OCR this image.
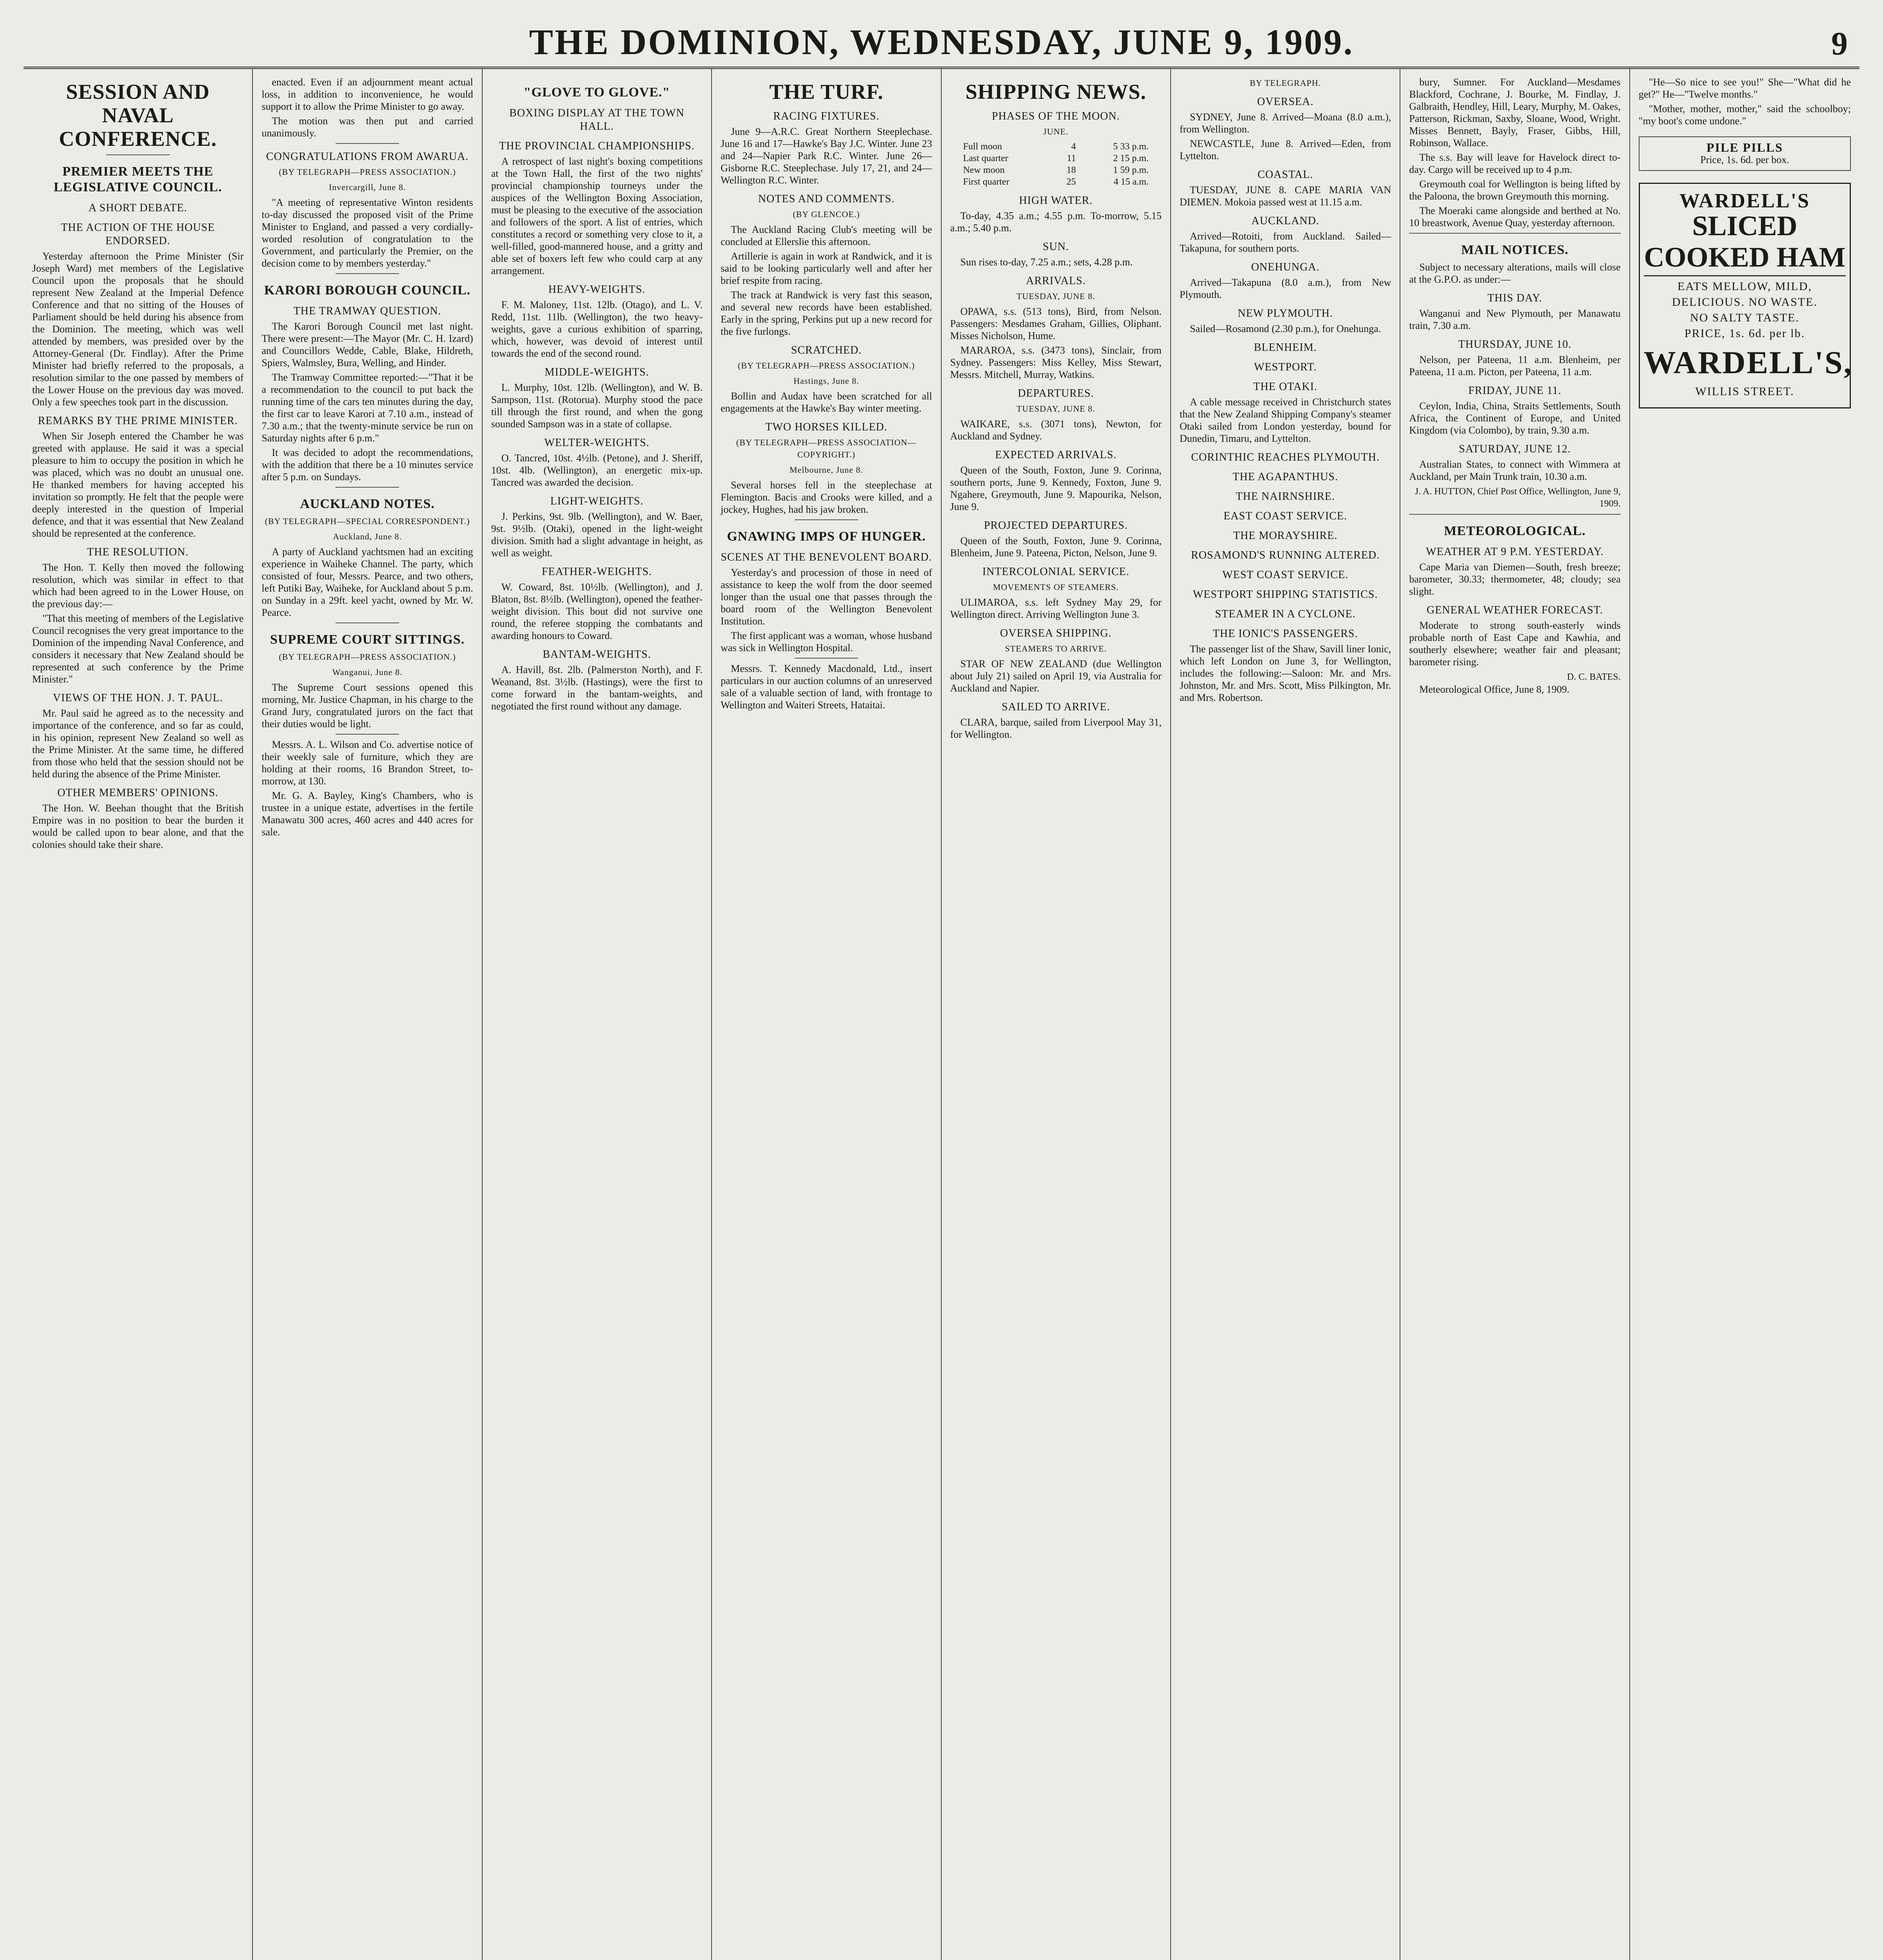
THE DOMINION, WEDNESDAY, JUNE 9, 1909.	9
SESSION AND NAVAL CONFERENCE.
PREMIER MEETS THE LEGISLATIVE COUNCIL.
A SHORT DEBATE.
THE ACTION OF THE HOUSE ENDORSED.

Yesterday afternoon the Prime Minister (Sir Joseph Ward) met members of the Legislative Council upon the proposals that he should represent New Zealand at the Imperial Defence Conference and that no sitting of the Houses of Parliament should be held during his absence from the Dominion. The meeting, which was well attended by members, was presided over by the Attorney-General (Dr. Findlay). After the Prime Minister had briefly referred to the proposals, a resolution similar to the one passed by members of the Lower House on the previous day was moved. Only a few speeches took part in the discussion.

REMARKS BY THE PRIME MINISTER.

When Sir Joseph entered the Chamber he was greeted with applause. He said it was a special pleasure to him to occupy the position in which he was placed, which was no doubt an unusual one. He thanked members for having accepted his invitation so promptly. He felt that the people were deeply interested in the question of Imperial defence, and that it was essential that New Zealand should be represented at the conference.

THE RESOLUTION.

The Hon. T. Kelly then moved the following resolution, which was similar in effect to that which had been agreed to in the Lower House, on the previous day:—

"That this meeting of members of the Legislative Council recognises the very great importance to the Dominion of the impending Naval Conference, and considers it necessary that New Zealand should be represented at such conference by the Prime Minister."

VIEWS OF THE HON. J. T. PAUL.

Mr. Paul said he agreed as to the necessity and importance of the conference, and so far as could, in his opinion, represent New Zealand so well as the Prime Minister. At the same time, he differed from those who held that the session should not be held during the absence of the Prime Minister.

OTHER MEMBERS' OPINIONS.

The Hon. W. Beehan thought that the British Empire was in no position to bear the burden it would be called upon to bear alone, and that the colonies should take their share.

enacted. Even if an adjournment meant actual loss, in addition to inconvenience, he would support it to allow the Prime Minister to go away.

The motion was then put and carried unanimously.

CONGRATULATIONS FROM AWARUA.
(BY TELEGRAPH—PRESS ASSOCIATION.)
Invercargill, June 8.

"A meeting of representative Winton residents to-day discussed the proposed visit of the Prime Minister to England, and passed a very cordially-worded resolution of congratulation to the Government, and particularly the Premier, on the decision come to by members yesterday."

KARORI BOROUGH COUNCIL.
THE TRAMWAY QUESTION.

The Karori Borough Council met last night. There were present:—The Mayor (Mr. C. H. Izard) and Councillors Wedde, Cable, Blake, Hildreth, Spiers, Walmsley, Bura, Welling, and Hinder.

The Tramway Committee reported:—"That it be a recommendation to the council to put back the running time of the cars ten minutes during the day, the first car to leave Karori at 7.10 a.m., instead of 7.30 a.m.; that the twenty-minute service be run on Saturday nights after 6 p.m."

It was decided to adopt the recommendations, with the addition that there be a 10 minutes service after 5 p.m. on Sundays.

AUCKLAND NOTES.
(BY TELEGRAPH—SPECIAL CORRESPONDENT.)
Auckland, June 8.

A party of Auckland yachtsmen had an exciting experience in Waiheke Channel. The party, which consisted of four, Messrs. Pearce, and two others, left Putiki Bay, Waiheke, for Auckland about 5 p.m. on Sunday in a 29ft. keel yacht, owned by Mr. W. Pearce.

SUPREME COURT SITTINGS.
(BY TELEGRAPH—PRESS ASSOCIATION.)
Wanganui, June 8.

The Supreme Court sessions opened this morning, Mr. Justice Chapman, in his charge to the Grand Jury, congratulated jurors on the fact that their duties would be light.

Messrs. A. L. Wilson and Co. advertise notice of their weekly sale of furniture, which they are holding at their rooms, 16 Brandon Street, to-morrow, at 130.

Mr. G. A. Bayley, King's Chambers, who is trustee in a unique estate, advertises in the fertile Manawatu 300 acres, 460 acres and 440 acres for sale.

"GLOVE TO GLOVE."
BOXING DISPLAY AT THE TOWN HALL.
THE PROVINCIAL CHAMPIONSHIPS.

A retrospect of last night's boxing competitions at the Town Hall, the first of the two nights' provincial championship tourneys under the auspices of the Wellington Boxing Association, must be pleasing to the executive of the association and followers of the sport. A list of entries, which constitutes a record or something very close to it, a well-filled, good-mannered house, and a gritty and able set of boxers left few who could carp at any arrangement.

HEAVY-WEIGHTS.

F. M. Maloney, 11st. 12lb. (Otago), and L. V. Redd, 11st. 11lb. (Wellington), the two heavy-weights, gave a curious exhibition of sparring, which, however, was devoid of interest until towards the end of the second round.

MIDDLE-WEIGHTS.

L. Murphy, 10st. 12lb. (Wellington), and W. B. Sampson, 11st. (Rotorua). Murphy stood the pace till through the first round, and when the gong sounded Sampson was in a state of collapse.

WELTER-WEIGHTS.

O. Tancred, 10st. 4½lb. (Petone), and J. Sheriff, 10st. 4lb. (Wellington), an energetic mix-up. Tancred was awarded the decision.

LIGHT-WEIGHTS.

J. Perkins, 9st. 9lb. (Wellington), and W. Baer, 9st. 9½lb. (Otaki), opened in the light-weight division. Smith had a slight advantage in height, as well as weight.

FEATHER-WEIGHTS.

W. Coward, 8st. 10½lb. (Wellington), and J. Blaton, 8st. 8½lb. (Wellington), opened the feather-weight division. This bout did not survive one round, the referee stopping the combatants and awarding honours to Coward.

BANTAM-WEIGHTS.

A. Havill, 8st. 2lb. (Palmerston North), and F. Weanand, 8st. 3½lb. (Hastings), were the first to come forward in the bantam-weights, and negotiated the first round without any damage.

THE TURF.
RACING FIXTURES.

June 9—A.R.C. Great Northern Steeplechase. June 16 and 17—Hawke's Bay J.C. Winter. June 23 and 24—Napier Park R.C. Winter. June 26—Gisborne R.C. Steeplechase. July 17, 21, and 24—Wellington R.C. Winter.

NOTES AND COMMENTS.
(BY GLENCOE.)

The Auckland Racing Club's meeting will be concluded at Ellerslie this afternoon.

Artillerie is again in work at Randwick, and it is said to be looking particularly well and after her brief respite from racing.

The track at Randwick is very fast this season, and several new records have been established. Early in the spring, Perkins put up a new record for the five furlongs.

SCRATCHED.
(BY TELEGRAPH—PRESS ASSOCIATION.)
Hastings, June 8.

Bollin and Audax have been scratched for all engagements at the Hawke's Bay winter meeting.

TWO HORSES KILLED.
(BY TELEGRAPH—PRESS ASSOCIATION—COPYRIGHT.)
Melbourne, June 8.

Several horses fell in the steeplechase at Flemington. Bacis and Crooks were killed, and a jockey, Hughes, had his jaw broken.

GNAWING IMPS OF HUNGER.
SCENES AT THE BENEVOLENT BOARD.

Yesterday's and procession of those in need of assistance to keep the wolf from the door seemed longer than the usual one that passes through the board room of the Wellington Benevolent Institution.

The first applicant was a woman, whose husband was sick in Wellington Hospital.

Messrs. T. Kennedy Macdonald, Ltd., insert particulars in our auction columns of an unreserved sale of a valuable section of land, with frontage to Wellington and Waiteri Streets, Hataitai.

SHIPPING NEWS.
PHASES OF THE MOON.
JUNE.
Full moon	4	5 33 p.m.
Last quarter	11	2 15 p.m.
New moon	18	1 59 p.m.
First quarter	25	4 15 a.m.
HIGH WATER.

To-day, 4.35 a.m.; 4.55 p.m. To-morrow, 5.15 a.m.; 5.40 p.m.

SUN.

Sun rises to-day, 7.25 a.m.; sets, 4.28 p.m.

ARRIVALS.
TUESDAY, JUNE 8.

OPAWA, s.s. (513 tons), Bird, from Nelson. Passengers: Mesdames Graham, Gillies, Oliphant. Misses Nicholson, Hume.

MARAROA, s.s. (3473 tons), Sinclair, from Sydney. Passengers: Miss Kelley, Miss Stewart, Messrs. Mitchell, Murray, Watkins.

DEPARTURES.
TUESDAY, JUNE 8.

WAIKARE, s.s. (3071 tons), Newton, for Auckland and Sydney.

EXPECTED ARRIVALS.

Queen of the South, Foxton, June 9. Corinna, southern ports, June 9. Kennedy, Foxton, June 9. Ngahere, Greymouth, June 9. Mapourika, Nelson, June 9.

PROJECTED DEPARTURES.

Queen of the South, Foxton, June 9. Corinna, Blenheim, June 9. Pateena, Picton, Nelson, June 9.

INTERCOLONIAL SERVICE.
MOVEMENTS OF STEAMERS.

ULIMAROA, s.s. left Sydney May 29, for Wellington direct. Arriving Wellington June 3.

OVERSEA SHIPPING.
STEAMERS TO ARRIVE.

STAR OF NEW ZEALAND (due Wellington about July 21) sailed on April 19, via Australia for Auckland and Napier.

SAILED TO ARRIVE.

CLARA, barque, sailed from Liverpool May 31, for Wellington.

BY TELEGRAPH.
OVERSEA.

SYDNEY, June 8. Arrived—Moana (8.0 a.m.), from Wellington.

NEWCASTLE, June 8. Arrived—Eden, from Lyttelton.

COASTAL.

TUESDAY, JUNE 8. CAPE MARIA VAN DIEMEN. Mokoia passed west at 11.15 a.m.

AUCKLAND.

Arrived—Rotoiti, from Auckland. Sailed—Takapuna, for southern ports.

ONEHUNGA.

Arrived—Takapuna (8.0 a.m.), from New Plymouth.

NEW PLYMOUTH.

Sailed—Rosamond (2.30 p.m.), for Onehunga.

BLENHEIM.
WESTPORT.
THE OTAKI.

A cable message received in Christchurch states that the New Zealand Shipping Company's steamer Otaki sailed from London yesterday, bound for Dunedin, Timaru, and Lyttelton.

CORINTHIC REACHES PLYMOUTH.
THE AGAPANTHUS.
THE NAIRNSHIRE.
EAST COAST SERVICE.
THE MORAYSHIRE.
ROSAMOND'S RUNNING ALTERED.
WEST COAST SERVICE.
WESTPORT SHIPPING STATISTICS.
STEAMER IN A CYCLONE.
THE IONIC'S PASSENGERS.

The passenger list of the Shaw, Savill liner Ionic, which left London on June 3, for Wellington, includes the following:—Saloon: Mr. and Mrs. Johnston, Mr. and Mrs. Scott, Miss Pilkington, Mr. and Mrs. Robertson.

bury, Sumner. For Auckland—Mesdames Blackford, Cochrane, J. Bourke, M. Findlay, J. Galbraith, Hendley, Hill, Leary, Murphy, M. Oakes, Patterson, Rickman, Saxby, Sloane, Wood, Wright. Misses Bennett, Bayly, Fraser, Gibbs, Hill, Robinson, Wallace.

The s.s. Bay will leave for Havelock direct to-day. Cargo will be received up to 4 p.m.

Greymouth coal for Wellington is being lifted by the Paloona, the brown Greymouth this morning.

The Moeraki came alongside and berthed at No. 10 breastwork, Avenue Quay, yesterday afternoon.

MAIL NOTICES.

Subject to necessary alterations, mails will close at the G.P.O. as under:—

THIS DAY.

Wanganui and New Plymouth, per Manawatu train, 7.30 a.m.

THURSDAY, JUNE 10.

Nelson, per Pateena, 11 a.m. Blenheim, per Pateena, 11 a.m. Picton, per Pateena, 11 a.m.

FRIDAY, JUNE 11.

Ceylon, India, China, Straits Settlements, South Africa, the Continent of Europe, and United Kingdom (via Colombo), by train, 9.30 a.m.

SATURDAY, JUNE 12.

Australian States, to connect with Wimmera at Auckland, per Main Trunk train, 10.30 a.m.

J. A. HUTTON, Chief Post Office, Wellington, June 9, 1909.
METEOROLOGICAL.
WEATHER AT 9 P.M. YESTERDAY.

Cape Maria van Diemen—South, fresh breeze; barometer, 30.33; thermometer, 48; cloudy; sea slight.

GENERAL WEATHER FORECAST.

Moderate to strong south-easterly winds probable north of East Cape and Kawhia, and southerly elsewhere; weather fair and pleasant; barometer rising.

D. C. BATES.

Meteorological Office, June 8, 1909.

"He—So nice to see you!" She—"What did he get?" He—"Twelve months."

"Mother, mother, mother," said the schoolboy; "my boot's come undone."

PILE PILLS
Price, 1s. 6d. per box.
WARDELL'S
SLICED COOKED HAM
EATS MELLOW, MILD,
DELICIOUS. NO WASTE.
NO SALTY TASTE.
PRICE, 1s. 6d. per lb.
WARDELL'S,
WILLIS STREET.
